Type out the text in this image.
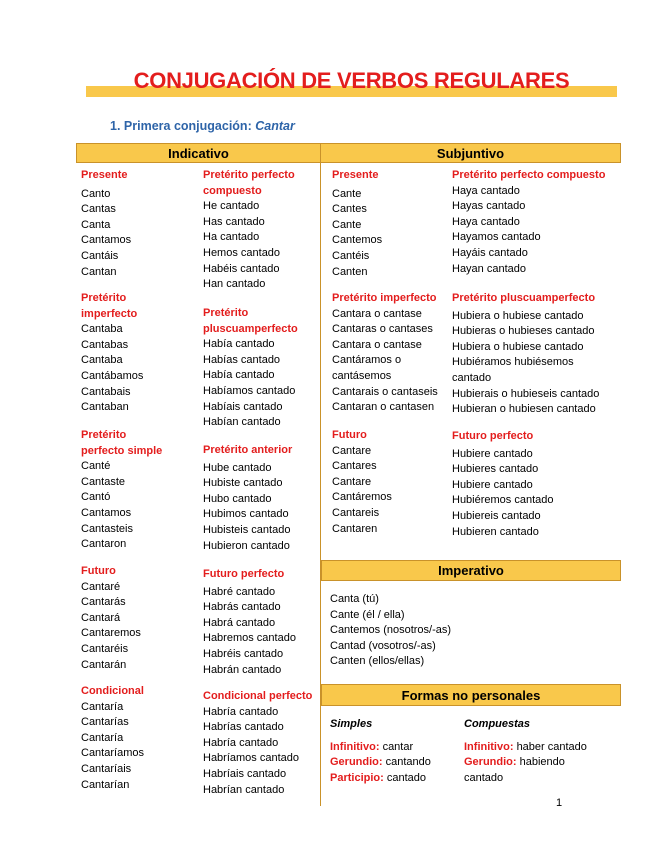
CONJUGACIÓN DE VERBOS REGULARES
1. Primera conjugación: Cantar
Indicativo	Subjuntivo
Presente
Canto
Cantas
Canta
Cantamos
Cantáis
Cantan
Pretérito
imperfecto
Cantaba
Cantabas
Cantaba
Cantábamos
Cantabais
Cantaban
Pretérito
perfecto simple
Canté
Cantaste
Cantó
Cantamos
Cantasteis
Cantaron
Futuro
Cantaré
Cantarás
Cantará
Cantaremos
Cantaréis
Cantarán
Condicional
Cantaría
Cantarías
Cantaría
Cantaríamos
Cantaríais
Cantarían
Pretérito perfecto
compuesto
He cantado
Has cantado
Ha cantado
Hemos cantado
Habéis cantado
Han cantado
Pretérito
pluscuamperfecto
Había cantado
Habías cantado
Había cantado
Habíamos cantado
Habíais cantado
Habían cantado
Pretérito anterior
Hube cantado
Hubiste cantado
Hubo cantado
Hubimos cantado
Hubisteis cantado
Hubieron cantado
Futuro perfecto
Habré cantado
Habrás cantado
Habrá cantado
Habremos cantado
Habréis cantado
Habrán cantado
Condicional perfecto
Habría cantado
Habrías cantado
Habría cantado
Habríamos cantado
Habríais cantado
Habrían cantado
Presente
Cante
Cantes
Cante
Cantemos
Cantéis
Canten
Pretérito imperfecto
Cantara o cantase
Cantaras o cantases
Cantara o cantase
Cantáramos o
cantásemos
Cantarais o cantaseis
Cantaran o cantasen
Futuro
Cantare
Cantares
Cantare
Cantáremos
Cantareis
Cantaren
Pretérito perfecto compuesto
Haya cantado
Hayas cantado
Haya cantado
Hayamos cantado
Hayáis cantado
Hayan cantado
Pretérito pluscuamperfecto
Hubiera o hubiese cantado
Hubieras o hubieses cantado
Hubiera o hubiese cantado
Hubiéramos hubiésemos
cantado
Hubierais o hubieseis cantado
Hubieran o hubiesen cantado
Futuro perfecto
Hubiere cantado
Hubieres cantado
Hubiere cantado
Hubiéremos cantado
Hubiereis cantado
Hubieren cantado
Imperativo
Canta (tú)
Cante (él / ella)
Cantemos (nosotros/-as)
Cantad (vosotros/-as)
Canten (ellos/ellas)
Formas no personales
Simples
Infinitivo: cantar
Gerundio: cantando
Participio: cantado
Compuestas
Infinitivo: haber cantado
Gerundio: habiendo
cantado
1
